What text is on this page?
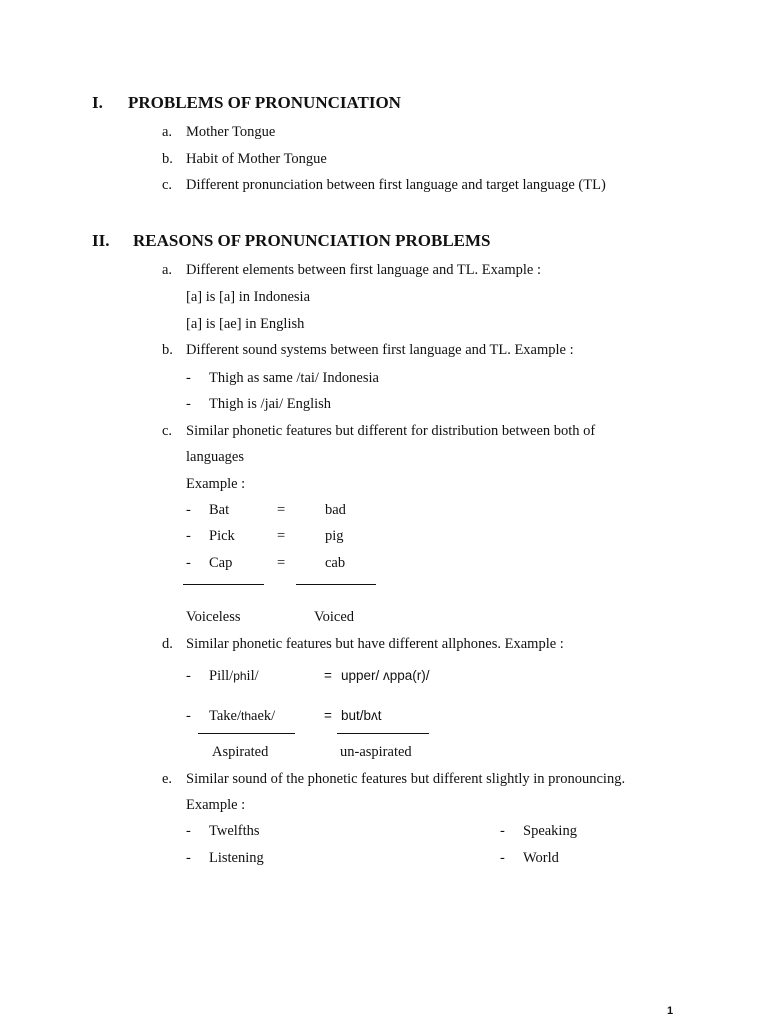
I. PROBLEMS OF PRONUNCIATION
a. Mother Tongue
b. Habit of Mother Tongue
c. Different pronunciation between first language and target language (TL)
II. REASONS OF PRONUNCIATION PROBLEMS
a. Different elements between first language and TL. Example :
[a] is [a] in Indonesia
[a] is [ae] in English
b. Different sound systems between first language and TL. Example :
- Thigh as same /tai/ Indonesia
- Thigh is /jai/ English
c. Similar phonetic features but different for distribution between both of
languages
Example :
- Bat	=	bad
- Pick	=	pig
- Cap	=	cab
Voiceless	Voiced
d. Similar phonetic features but have different allphones. Example :
- Pill/phil/	= upper/ ʌppa(r)/
- Take/thaek/	= but/bʌt
Aspirated	un-aspirated
e. Similar sound of the phonetic features but different slightly in pronouncing.
Example :
- Twelfths	- Speaking
- Listening	- World
1
